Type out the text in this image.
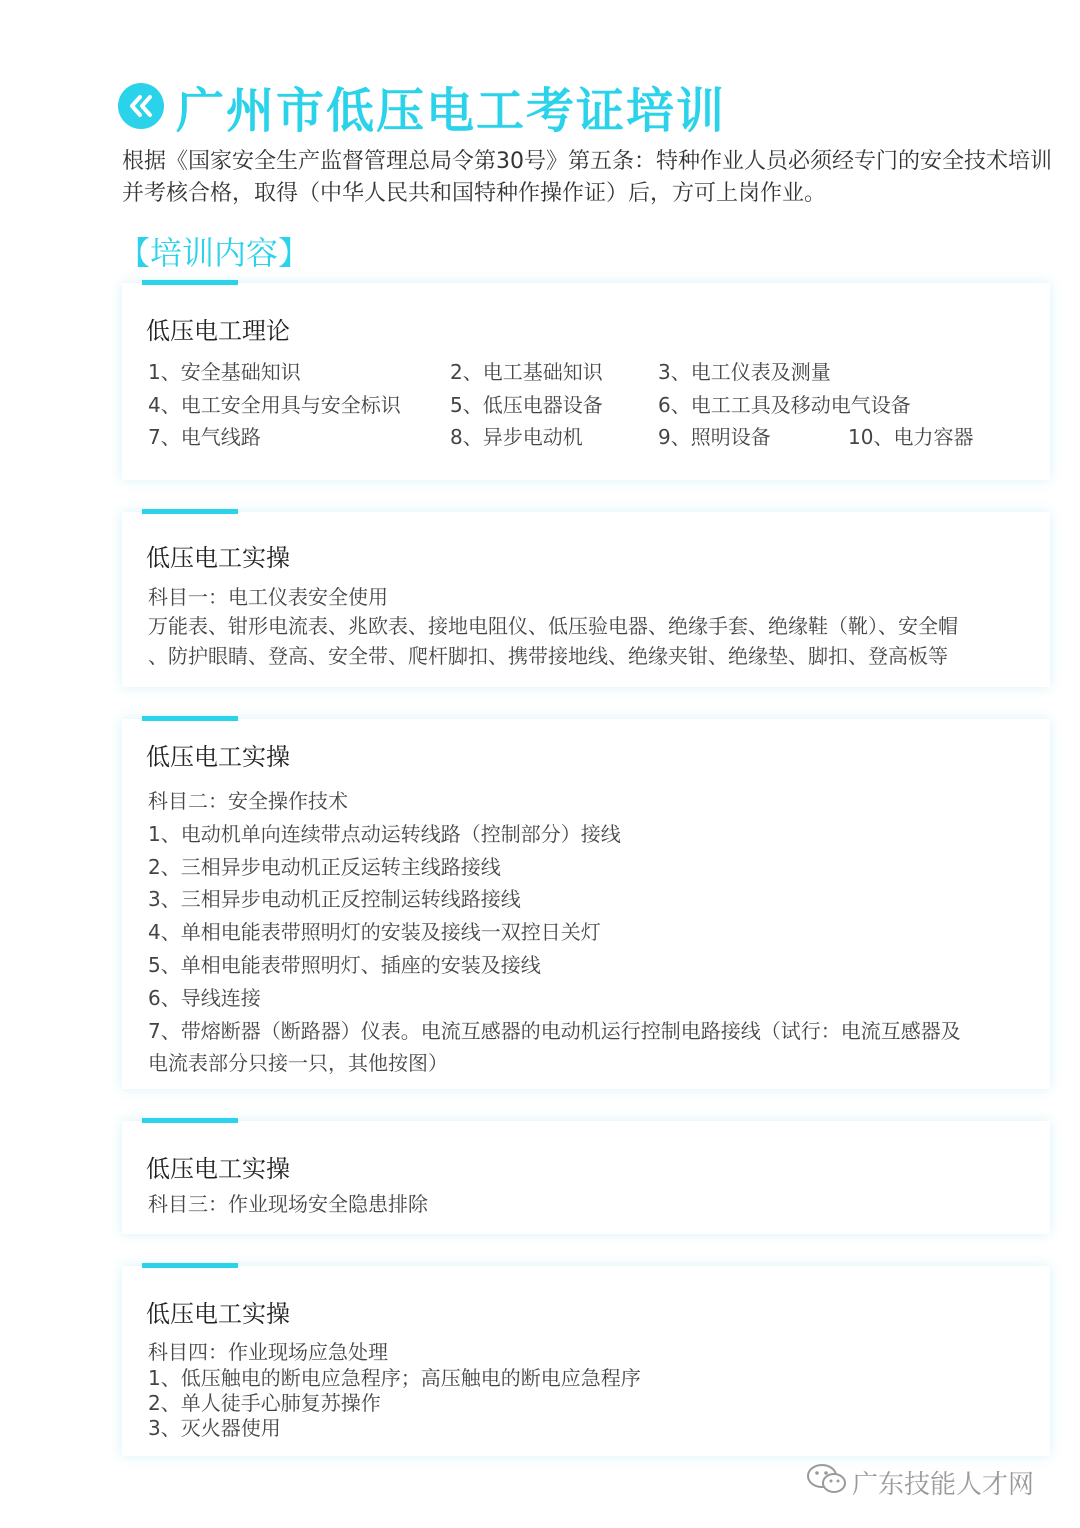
广州市低压电工考证培训

根据《国家安全生产监督管理总局令第30号》第五条：特种作业人员必须经专门的安全技术培训并考核合格，取得（中华人民共和国特种作操作证）后，方可上岗作业。

【培训内容】
低压电工理论
1、安全基础知识	2、电工基础知识	3、电工仪表及测量
4、电工安全用具与安全标识 5、低压电器设备	6、电工工具及移动电气设备
7、电气线路	8、异步电动机	9、照明设备	10、电力容器
低压电工实操
科目一：电工仪表安全使用
万能表、钳形电流表、兆欧表、接地电阻仪、低压验电器、绝缘手套、绝缘鞋（靴）、安全帽
、防护眼睛、登高、安全带、爬杆脚扣、携带接地线、绝缘夹钳、绝缘垫、脚扣、登高板等
低压电工实操
科目二：安全操作技术
1、电动机单向连续带点动运转线路（控制部分）接线
2、三相异步电动机正反运转主线路接线
3、三相异步电动机正反控制运转线路接线
4、单相电能表带照明灯的安装及接线一双控日关灯
5、单相电能表带照明灯、插座的安装及接线
6、导线连接
7、带熔断器（断路器）仪表。电流互感器的电动机运行控制电路接线（试行：电流互感器及
电流表部分只接一只，其他按图）
低压电工实操
科目三：作业现场安全隐患排除
低压电工实操
科目四：作业现场应急处理
1、低压触电的断电应急程序；高压触电的断电应急程序
2、单人徒手心肺复苏操作
3、灭火器使用
广东技能人才网
